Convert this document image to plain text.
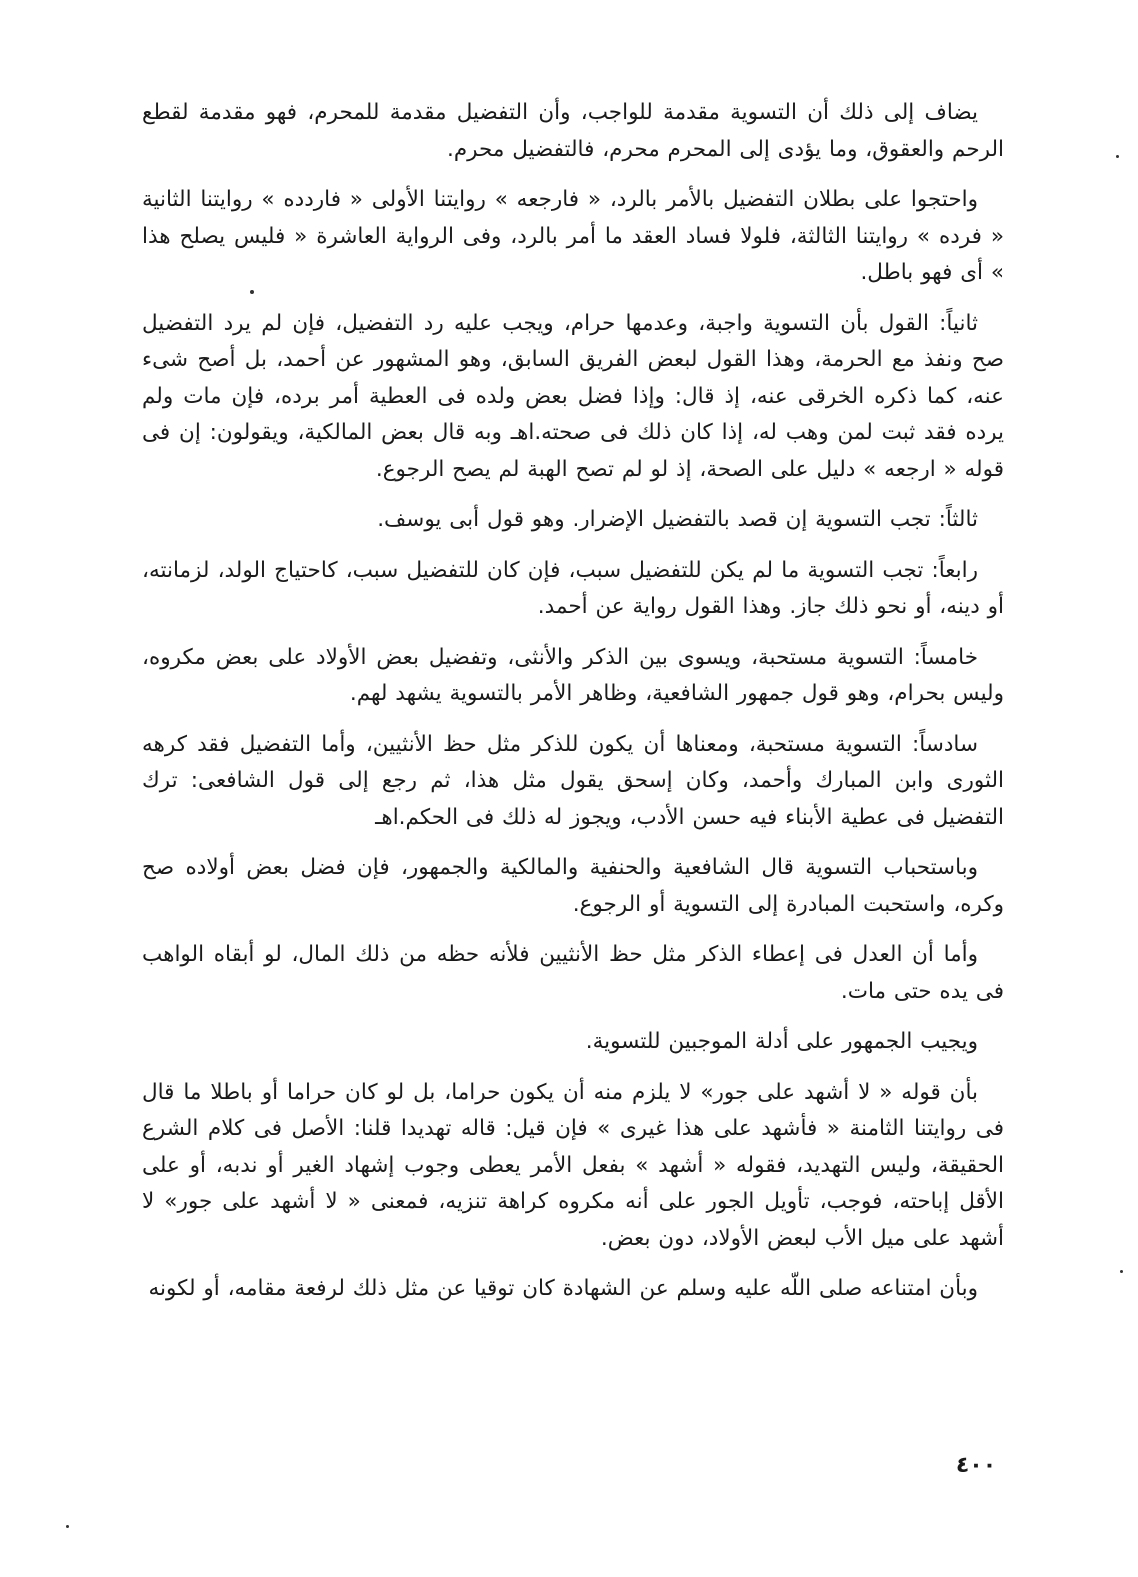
يضاف إلى ذلك أن التسوية مقدمة للواجب، وأن التفضيل مقدمة للمحرم، فهو مقدمة لقطع الرحم والعقوق، وما يؤدى إلى المحرم محرم، فالتفضيل محرم.

واحتجوا على بطلان التفضيل بالأمر بالرد، « فارجعه » روايتنا الأولى « فاردده » روايتنا الثانية « فرده » روايتنا الثالثة، فلولا فساد العقد ما أمر بالرد، وفى الرواية العاشرة « فليس يصلح هذا » أى فهو باطل.

ثانياً: القول بأن التسوية واجبة، وعدمها حرام، ويجب عليه رد التفضيل، فإن لم يرد التفضيل صح ونفذ مع الحرمة، وهذا القول لبعض الفريق السابق، وهو المشهور عن أحمد، بل أصح شىء عنه، كما ذكره الخرقى عنه، إذ قال: وإذا فضل بعض ولده فى العطية أمر برده، فإن مات ولم يرده فقد ثبت لمن وهب له، إذا كان ذلك فى صحته.اهـ وبه قال بعض المالكية، ويقولون: إن فى قوله « ارجعه » دليل على الصحة، إذ لو لم تصح الهبة لم يصح الرجوع.

ثالثاً: تجب التسوية إن قصد بالتفضيل الإضرار. وهو قول أبى يوسف.

رابعاً: تجب التسوية ما لم يكن للتفضيل سبب، فإن كان للتفضيل سبب، كاحتياج الولد، لزمانته، أو دينه، أو نحو ذلك جاز. وهذا القول رواية عن أحمد.

خامساً: التسوية مستحبة، ويسوى بين الذكر والأنثى، وتفضيل بعض الأولاد على بعض مكروه، وليس بحرام، وهو قول جمهور الشافعية، وظاهر الأمر بالتسوية يشهد لهم.

سادساً: التسوية مستحبة، ومعناها أن يكون للذكر مثل حظ الأنثيين، وأما التفضيل فقد كرهه الثورى وابن المبارك وأحمد، وكان إسحق يقول مثل هذا، ثم رجع إلى قول الشافعى: ترك التفضيل فى عطية الأبناء فيه حسن الأدب، ويجوز له ذلك فى الحكم.اهـ

وباستحباب التسوية قال الشافعية والحنفية والمالكية والجمهور، فإن فضل بعض أولاده صح وكره، واستحبت المبادرة إلى التسوية أو الرجوع.

وأما أن العدل فى إعطاء الذكر مثل حظ الأنثيين فلأنه حظه من ذلك المال، لو أبقاه الواهب فى يده حتى مات.

ويجيب الجمهور على أدلة الموجبين للتسوية.

بأن قوله « لا أشهد على جور» لا يلزم منه أن يكون حراما، بل لو كان حراما أو باطلا ما قال فى روايتنا الثامنة « فأشهد على هذا غيرى » فإن قيل: قاله تهديدا قلنا: الأصل فى كلام الشرع الحقيقة، وليس التهديد، فقوله « أشهد » بفعل الأمر يعطى وجوب إشهاد الغير أو ندبه، أو على الأقل إباحته، فوجب، تأويل الجور على أنه مكروه كراهة تنزيه، فمعنى « لا أشهد على جور» لا أشهد على ميل الأب لبعض الأولاد، دون بعض.

وبأن امتناعه صلى اللّه عليه وسلم عن الشهادة كان توقيا عن مثل ذلك لرفعة مقامه، أو لكونه

٤٠٠
